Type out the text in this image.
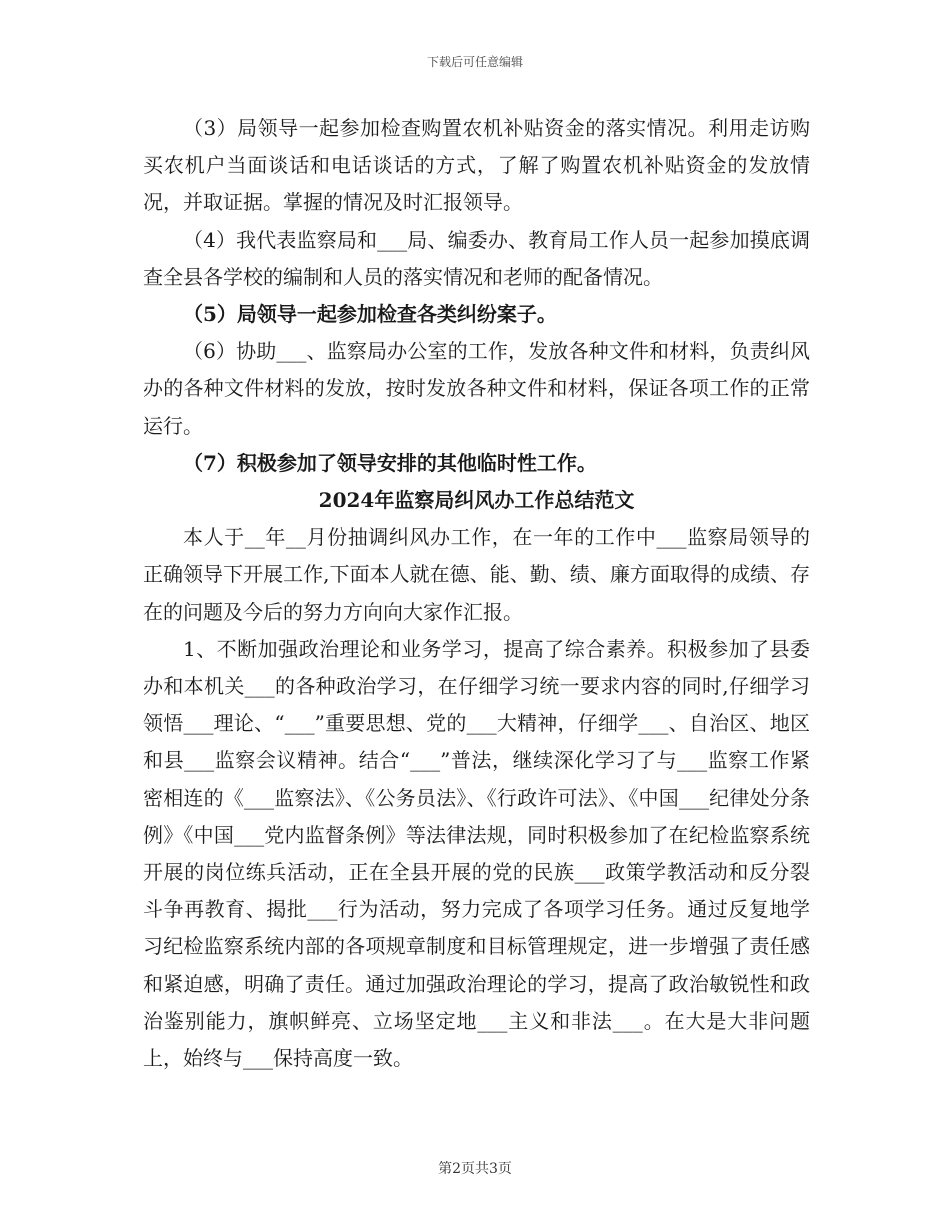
下载后可任意编辑

（3）局领导一起参加检查购置农机补贴资金的落实情况。利用走访购买农机户当面谈话和电话谈话的方式，了解了购置农机补贴资金的发放情况，并取证据。掌握的情况及时汇报领导。

（4）我代表监察局和___局、编委办、教育局工作人员一起参加摸底调查全县各学校的编制和人员的落实情况和老师的配备情况。

（5）局领导一起参加检查各类纠纷案子。

（6）协助___、监察局办公室的工作，发放各种文件和材料，负责纠风办的各种文件材料的发放，按时发放各种文件和材料，保证各项工作的正常运行。

（7）积极参加了领导安排的其他临时性工作。

2024年监察局纠风办工作总结范文

本人于__年__月份抽调纠风办工作，在一年的工作中___监察局领导的正确领导下开展工作,下面本人就在德、能、勤、绩、廉方面取得的成绩、存在的问题及今后的努力方向向大家作汇报。

1、不断加强政治理论和业务学习，提高了综合素养。积极参加了县委办和本机关___的各种政治学习，在仔细学习统一要求内容的同时,仔细学习领悟___理论、“___”重要思想、党的___大精神，仔细学___、自治区、地区和县___监察会议精神。结合“___”普法，继续深化学习了与___监察工作紧密相连的《___监察法》、《公务员法》、《行政许可法》、《中国___纪律处分条例》《中国___党内监督条例》等法律法规，同时积极参加了在纪检监察系统开展的岗位练兵活动，正在全县开展的党的民族___政策学教活动和反分裂斗争再教育、揭批___行为活动，努力完成了各项学习任务。通过反复地学习纪检监察系统内部的各项规章制度和目标管理规定，进一步增强了责任感和紧迫感，明确了责任。通过加强政治理论的学习，提高了政治敏锐性和政治鉴别能力，旗帜鲜亮、立场坚定地___主义和非法___。在大是大非问题上，始终与___保持高度一致。

第2页共3页
